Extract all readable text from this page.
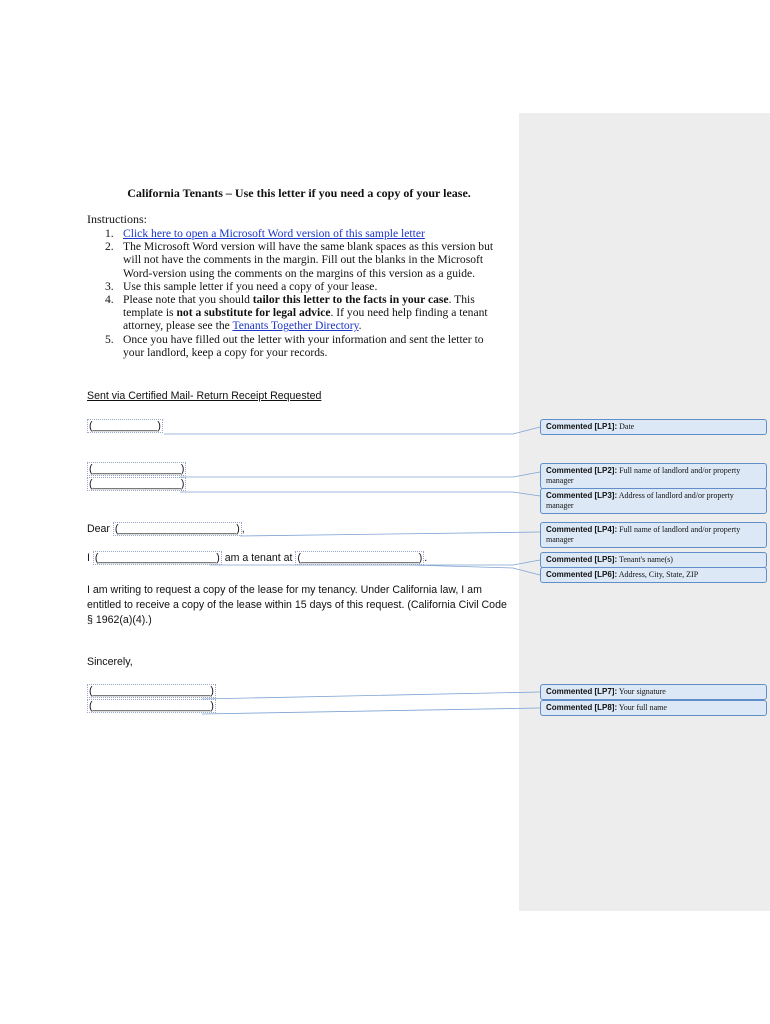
California Tenants – Use this letter if you need a copy of your lease.
Instructions:
1. Click here to open a Microsoft Word version of this sample letter
2. The Microsoft Word version will have the same blank spaces as this version but will not have the comments in the margin. Fill out the blanks in the Microsoft Word-version using the comments on the margins of this version as a guide.
3. Use this sample letter if you need a copy of your lease.
4. Please note that you should tailor this letter to the facts in your case. This template is not a substitute for legal advice. If you need help finding a tenant attorney, please see the Tenants Together Directory.
5. Once you have filled out the letter with your information and sent the letter to your landlord, keep a copy for your records.
Sent via Certified Mail- Return Receipt Requested
(___________)
(_______________)
(_______________)
Dear (____________________) ,
I (____________________) am a tenant at (____________________) .
I am writing to request a copy of the lease for my tenancy. Under California law, I am entitled to receive a copy of the lease within 15 days of this request. (California Civil Code § 1962(a)(4).)
Sincerely,
(____________________)
(____________________)
Commented [LP1]: Date
Commented [LP2]: Full name of landlord and/or property manager
Commented [LP3]: Address of landlord and/or property manager
Commented [LP4]: Full name of landlord and/or property manager
Commented [LP5]: Tenant's name(s)
Commented [LP6]: Address, City, State, ZIP
Commented [LP7]: Your signature
Commented [LP8]: Your full name
